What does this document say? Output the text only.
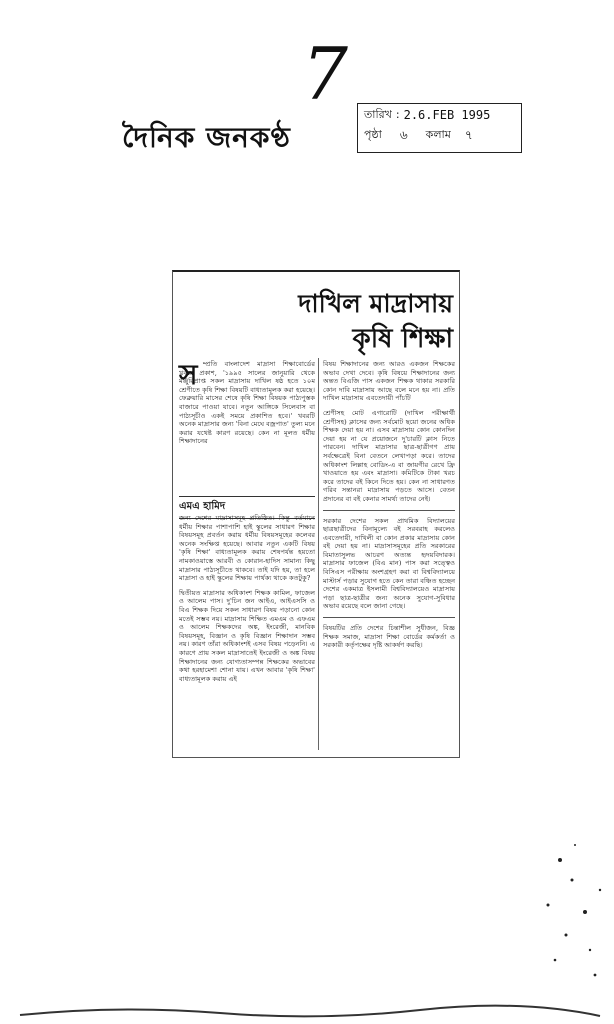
7
দৈনিক জনকণ্ঠ
তারিখ : 2.6.FEB 1995
পৃষ্ঠা ৬ কলাম ৭
দাখিল মাদ্রাসায়
কৃষি শিক্ষা
স ম্প্রতি বাংলাদেশ মাদ্রাসা শিক্ষাবোর্ডের খবরে প্রকাশ, '১৯৯৫ সালের জানুয়ারি থেকে মঞ্জুরিপ্রাপ্ত সকল মাদ্রাসায় দাখিল ষষ্ঠ হতে ১০ম শ্রেণীতে কৃষি শিক্ষা বিষয়টি বাধ্যতামূলক করা হয়েছে। ফেব্রুয়ারি মাসের শেষে কৃষি শিক্ষা বিষয়ক পাঠ্যপুস্তক বাজারে পাওয়া যাবে। নতুন আঙ্গিকে সিলেবাস বা পাঠ্যসূচীও একই সময়ে প্রকাশিত হবে।' খবরটি অনেক মাদ্রাসার জন্য 'বিনা মেঘে বজ্রপাত' তুল্য মনে করার যথেষ্ট কারণ রয়েছে। কেন না মূলত ধর্মীয় শিক্ষাদানের

এমএ হামিদ

জন্য দেশের মাদ্রাসাসমূহ প্রতিষ্ঠিত। কিন্তু বর্তমানে ধর্মীয় শিক্ষার পাশাপাশি হাই স্কুলের সাধারণ শিক্ষার বিষয়সমূহ প্রবর্তন করায় ধর্মীয় বিষয়সমূহের কলেবর অনেক সংক্ষিপ্ত হয়েছে। আবার নতুন একটি বিষয় 'কৃষি শিক্ষা' বাধ্যতামূলক করায় শেষপর্যন্ত হয়তো নামকাওয়াস্তে আরবী ও কোরান-হাদিস সামান্য কিছু মাদ্রাসার পাঠ্যসূচীতে থাকবে। তাই যদি হয়, তা হলে মাদ্রাসা ও হাই স্কুলের শিক্ষায় পার্থক্য থাকে কতটুকু?

দ্বিতীয়ত মাদ্রাসার অধিকাংশ শিক্ষক কামিল, ফাজেল ও আলেম পাস। দু'চিন জন আইএ, আইএসসি ও বিএ শিক্ষক দিয়ে সকল সাধারণ বিষয় পড়ানো কোন মতেই সম্ভব নয়। মাদ্রাসায় শিক্ষিত এমএম ও এফএম ও আলেম শিক্ষকদের অঙ্ক, ইংরেজী, মানবিক বিষয়সমূহ, বিজ্ঞান ও কৃষি বিজ্ঞান শিক্ষাদান সম্ভব নয়। কারণ তাঁরা অধিকাংশই এসব বিষয় পড়েননি। এ কারণে প্রায় সকল মাদ্রাসাতেই ইংরেজী ও অঙ্ক বিষয় শিক্ষাদানের জন্য যোগ্যতাসম্পন্ন শিক্ষকের অভাবের কথা হরহামেশা শোনা যায়। এখন আবার 'কৃষি শিক্ষা' বাধ্যতামূলক করায় এই

বিষয় শিক্ষাদানের জন্য আরও একজন শিক্ষকের অভাব দেখা দেবে। কৃষি বিষয়ে শিক্ষাদানের জন্য অন্তত বিএজি পাস একজন শিক্ষক থাকার সরকারি কোন দাবি মাদ্রাসায় আছে বলে মনে হয় না। প্রতি দাখিল মাদ্রাসায় এবতেদায়ী পাঁচটি

শ্রেণীসহ মোট এগারোটি (দাখিল পরীক্ষার্থী শ্রেণীসহ) ক্লাসের জন্য সর্বমোট ছয়ো জনের অধিক শিক্ষক দেয়া হয় না। এসব মাদ্রাসায় কোন কোনদিন দেয়া হয় না যে প্রয়োজনে দু'চারটি ক্লাস নিতে পারবেন। দাখিল মাদ্রাসার ছাত্র-ছাত্রীগণ প্রায় সর্বক্ষেত্রেই বিনা বেতনে লেখাপড়া করে। তাদের অধিকাংশ লিল্লাহ বোডিং-এ বা জায়গীর রেখে ফ্রি খাওয়াতে হয় এবং মাদ্রাসা। কমিটিকে টাকা খরচ করে তাদের বই কিনে দিতে হয়। কেন না সাধারণত গরিব সন্তানরা মাদ্রাসায় পড়তে আসে। বেতন প্রদানের বা বই কেনার সামর্থ্য তাদের নেই।

সরকার দেশের সকল প্রাথমিক বিদ্যালয়ের ছাত্রছাত্রীদের বিনামূল্যে বই সরবরাহ করলেও এবতেদায়ী, দাখিলী বা কোন প্রকার মাদ্রাসায় কোন বই দেয়া হয় না। মাদ্রাসাসমূহের প্রতি সরকারের বিমাতাসুলভ আচরণ অত্যন্ত হৃদয়বিদারক। মাদ্রাসার ফাজেল (বিএ মান) পাস করা সত্ত্বেও বিসিএস পরীক্ষায় অংশগ্রহণ করা বা বিশ্ববিদ্যালয়ে মাস্টার্স পড়ার সুযোগ হতে কেন তারা বঞ্চিত হচ্ছেন দেশের একমাত্র ইসলামী বিশ্ববিদ্যালয়েও মাদ্রাসায় পড়া ছাত্র-ছাত্রীর জন্য অনেক সুযোগ-সুবিধার অভাব রয়েছে বলে জানা গেছে।

বিষয়টির প্রতি দেশের চিন্তাশীল সুধীজন, বিজ্ঞ শিক্ষক সমাজ, মাদ্রাসা শিক্ষা বোর্ডের কর্মকর্তা ও সরকারী কর্তৃপক্ষের দৃষ্টি আকর্ষণ করছি।
